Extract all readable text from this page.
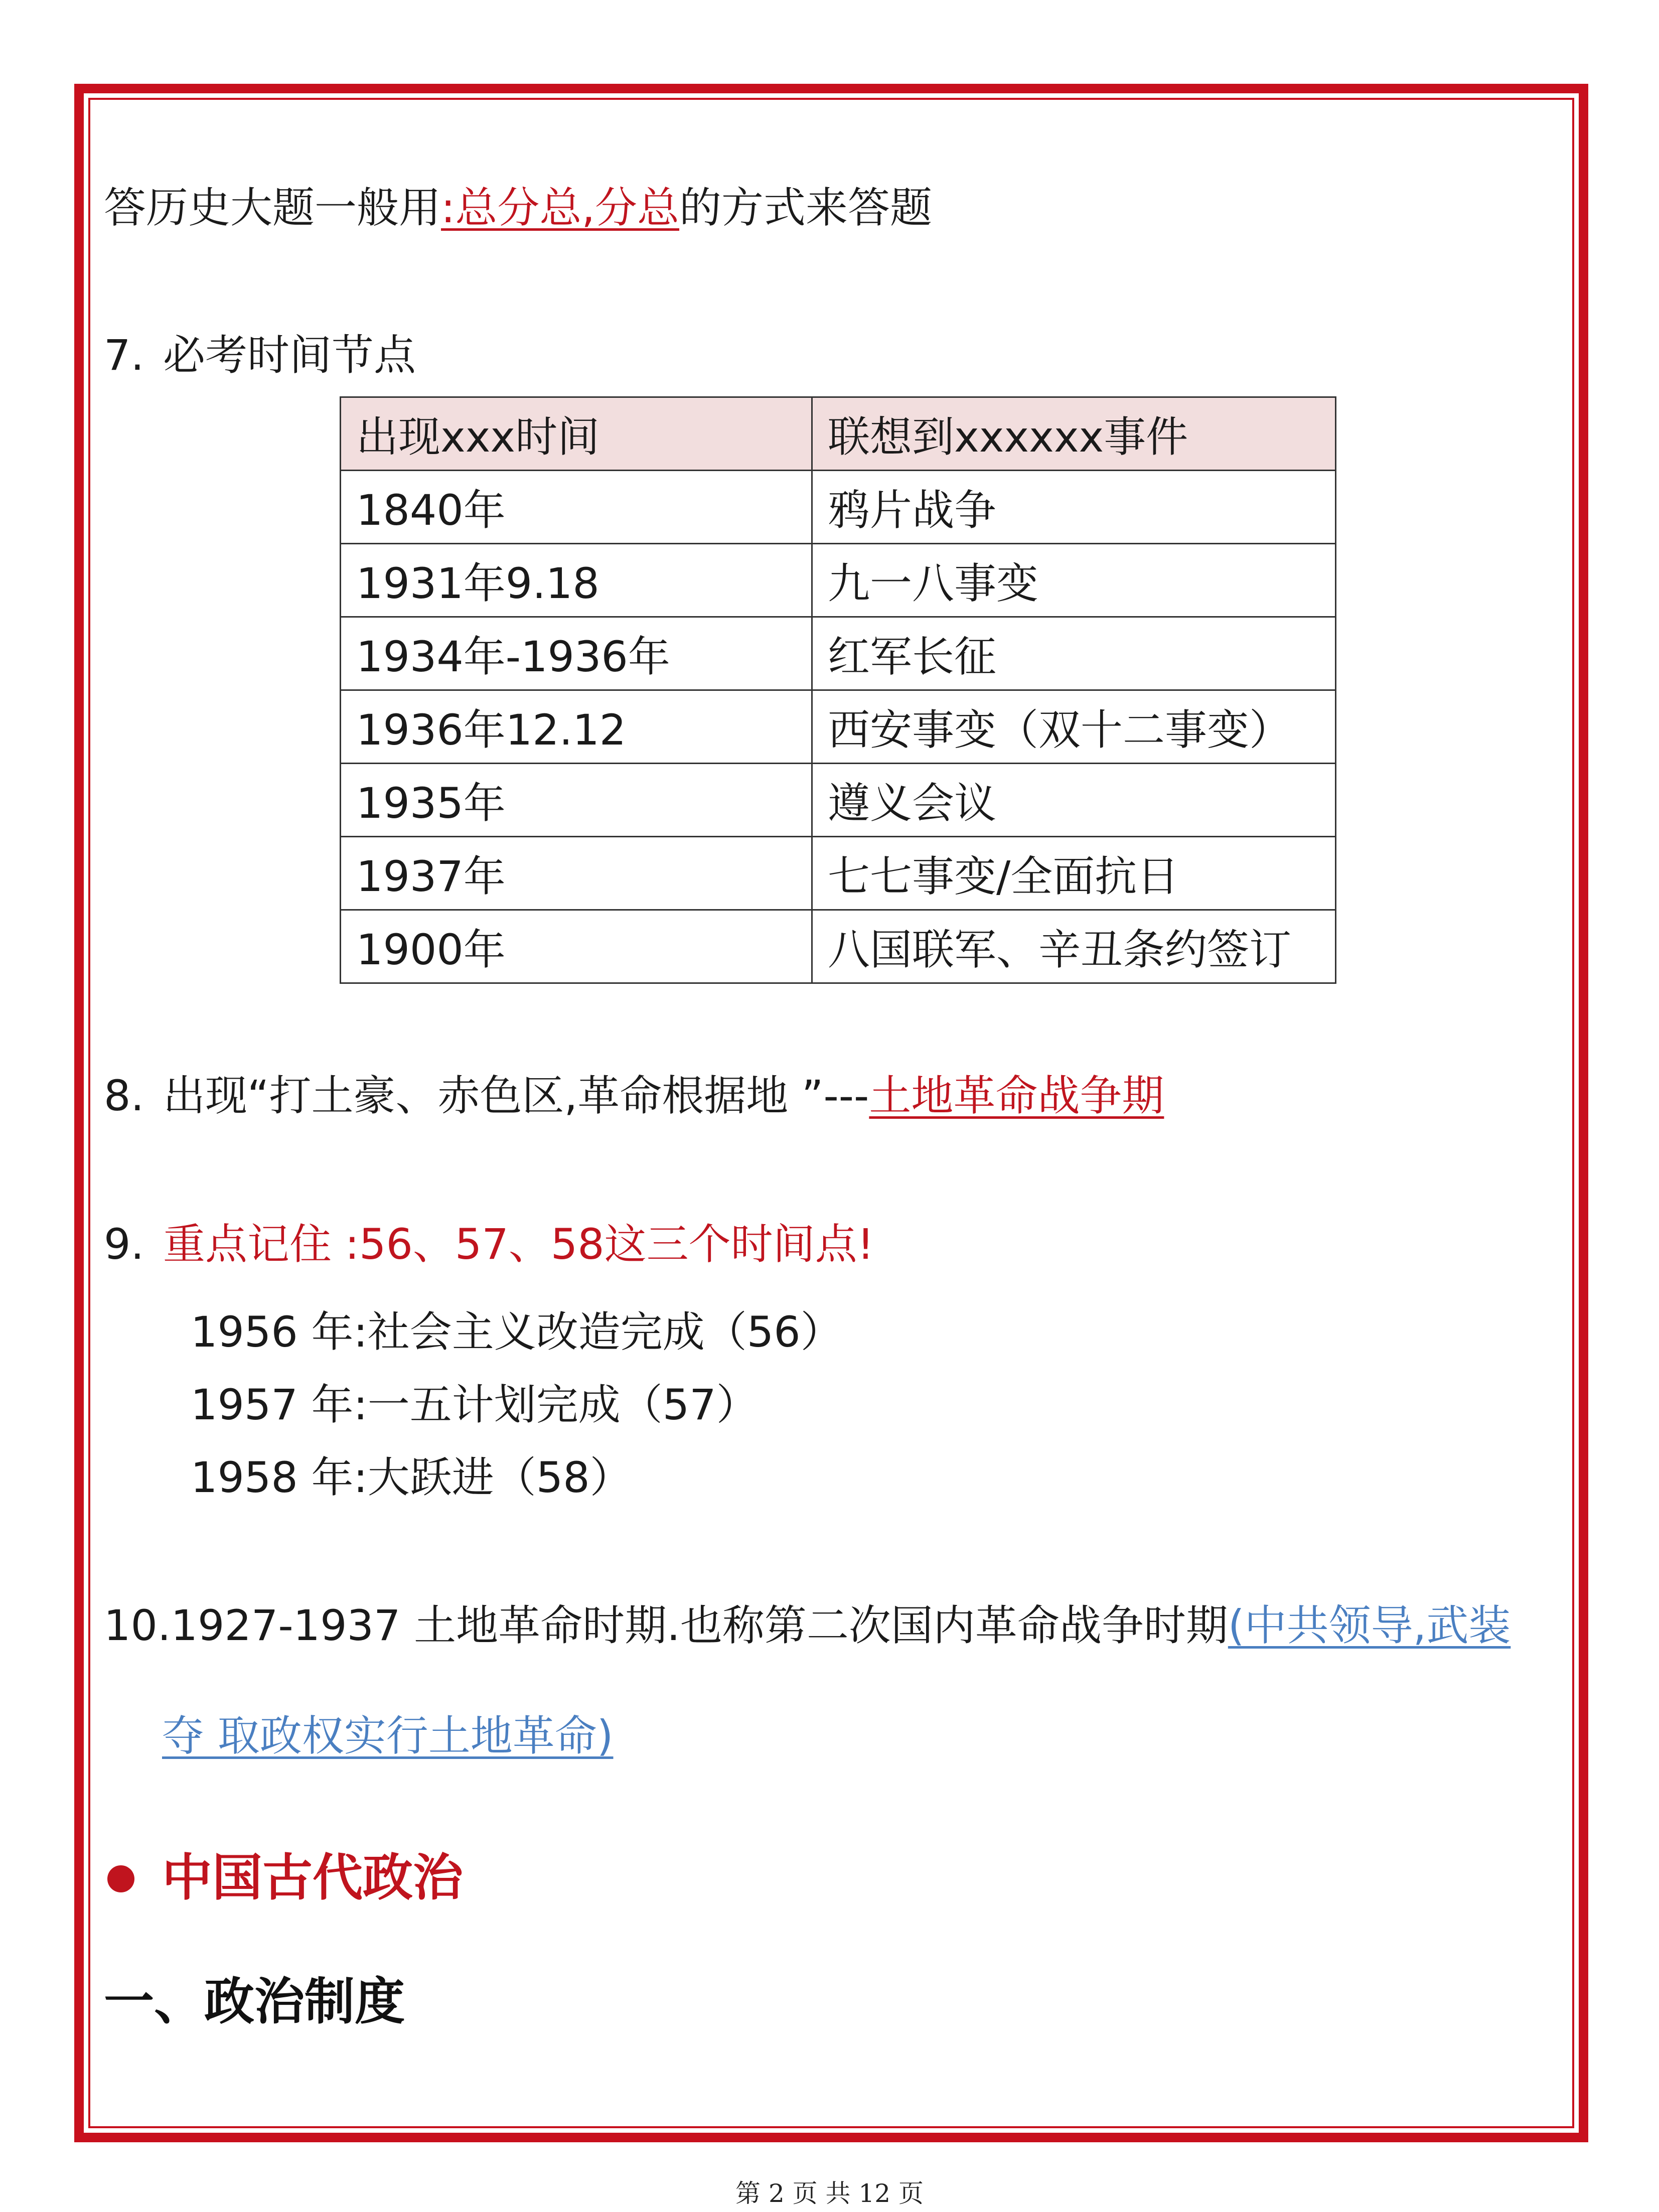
答历史大题一般用:总分总,分总的方式来答题
7. 必考时间节点
出现xxx时间	联想到xxxxxx事件
1840年	鸦片战争
1931年9.18	九一八事变
1934年-1936年	红军长征
1936年12.12	西安事变（双十二事变）
1935年	遵义会议
1937年	七七事变/全面抗日
1900年	八国联军、辛丑条约签订
8. 出现“打土豪、赤色区,革命根据地 ”---土地革命战争期
9. 重点记住 :56、57、58这三个时间点!
1956 年:社会主义改造完成（56）
1957 年:一五计划完成（57）
1958 年:大跃进（58）
10.1927-1937 土地革命时期.也称第二次国内革命战争时期(中共领导,武装
夺 取政权实行土地革命)
中国古代政治
一、政治制度
第 2 页 共 12 页
